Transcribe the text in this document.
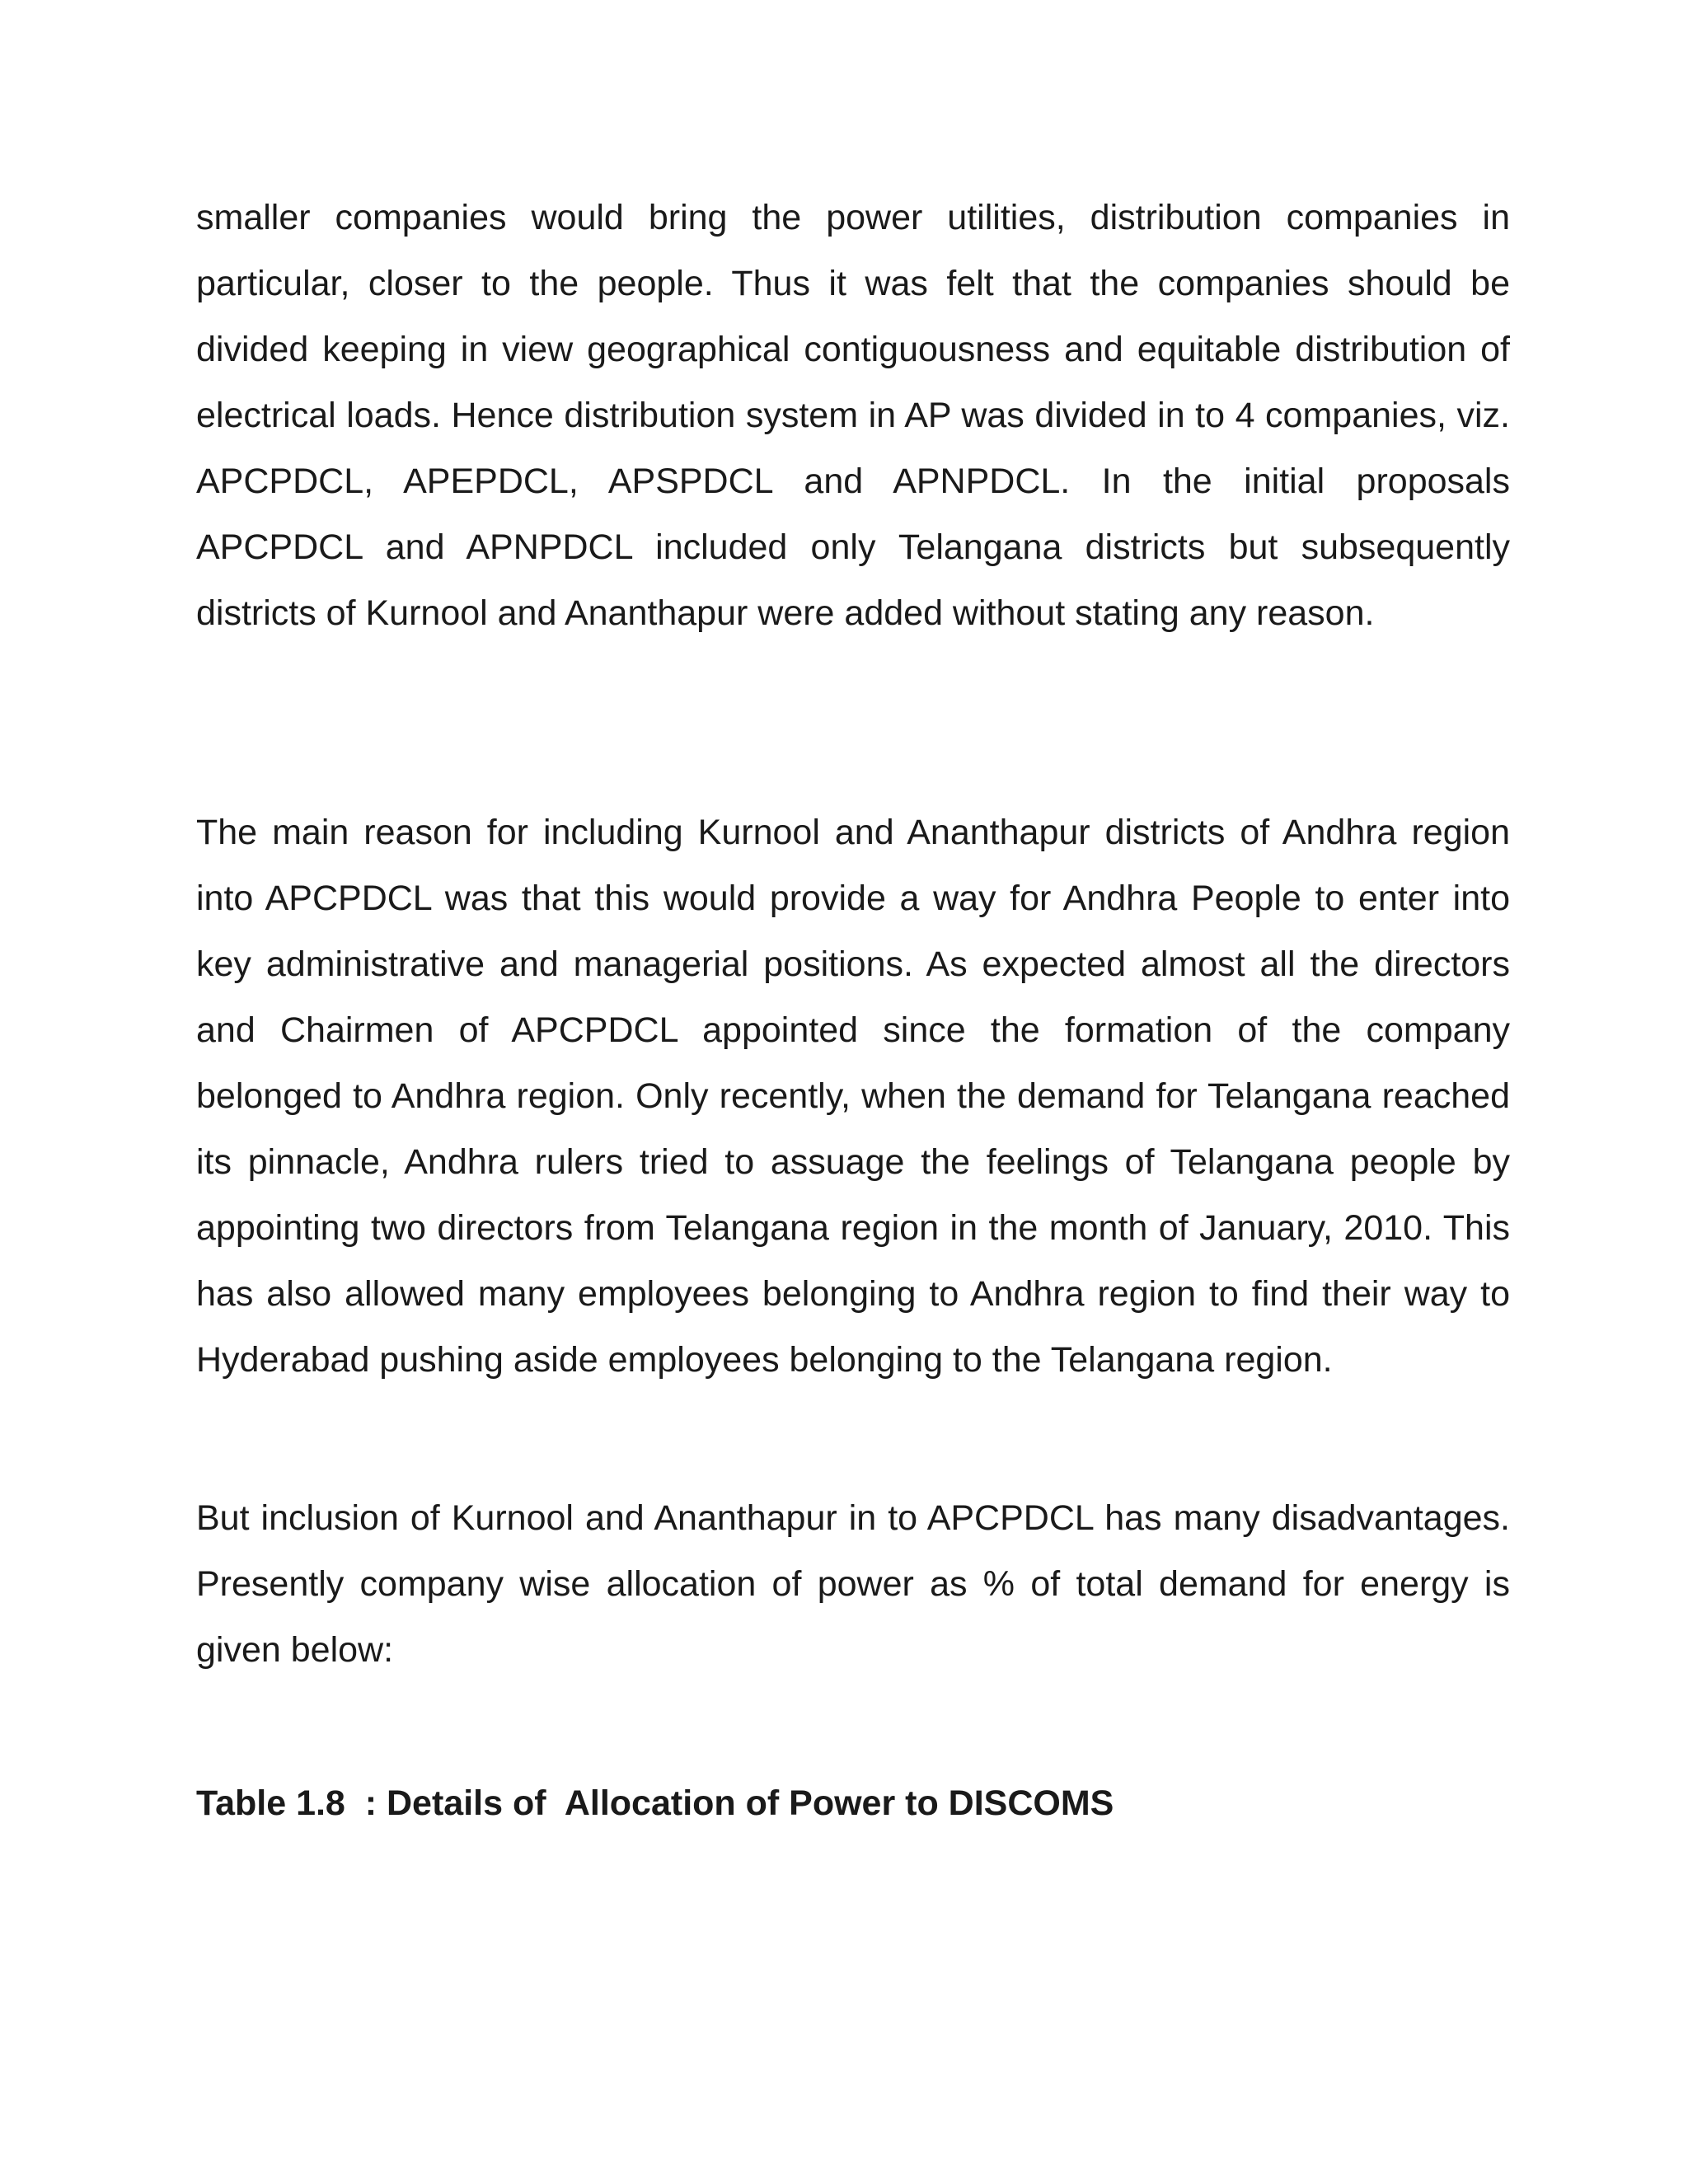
smaller companies would bring the power utilities, distribution companies in particular, closer to the people. Thus it was felt that the companies should be divided keeping in view geographical contiguousness and equitable distribution of electrical loads. Hence distribution system in AP was divided in to 4 companies, viz. APCPDCL, APEPDCL, APSPDCL and APNPDCL. In the initial proposals APCPDCL and APNPDCL included only Telangana districts but subsequently districts of Kurnool and Ananthapur were added without stating any reason.

The main reason for including Kurnool and Ananthapur districts of Andhra region into APCPDCL was that this would provide a way for Andhra People to enter into key administrative and managerial positions. As expected almost all the directors and Chairmen of APCPDCL appointed since the formation of the company belonged to Andhra region. Only recently, when the demand for Telangana reached its pinnacle, Andhra rulers tried to assuage the feelings of Telangana people by appointing two directors from Telangana region in the month of January, 2010. This has also allowed many employees belonging to Andhra region to find their way to Hyderabad pushing aside employees belonging to the Telangana region.

But inclusion of Kurnool and Ananthapur in to APCPDCL has many disadvantages. Presently company wise allocation of power as % of total demand for energy is given below:

Table 1.8  : Details of  Allocation of Power to DISCOMS
